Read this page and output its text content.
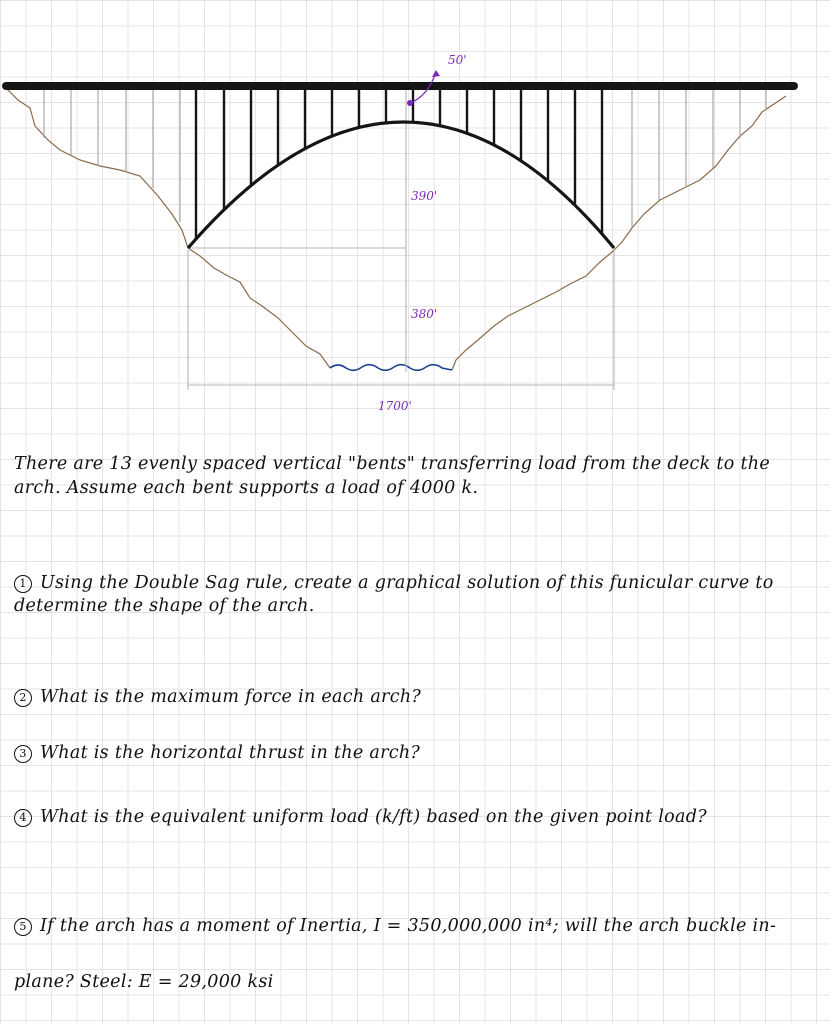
50'
390'
380'
1700'

There are 13 evenly spaced vertical "bents" transferring load from the deck to the arch. Assume each bent supports a load of 4000 k.

1 Using the Double Sag rule, create a graphical solution of this funicular curve to determine the shape of the arch.

2 What is the maximum force in each arch?

3 What is the horizontal thrust in the arch?

4 What is the equivalent uniform load (k/ft) based on the given point load?

5 If the arch has a moment of Inertia, I = 350,000,000 in⁴; will the arch buckle in-plane? Steel: E = 29,000 ksi
